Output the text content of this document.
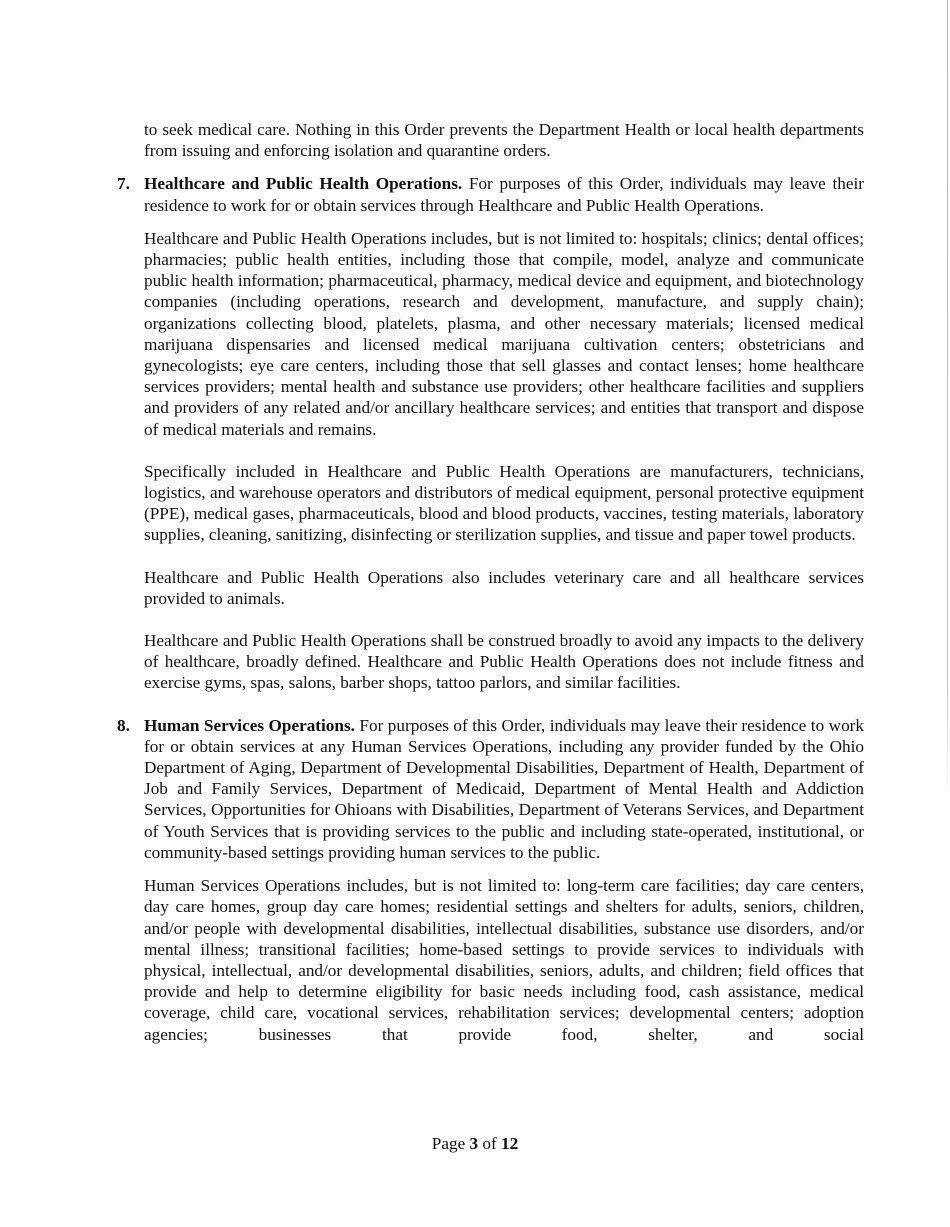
to seek medical care. Nothing in this Order prevents the Department Health or local health departments from issuing and enforcing isolation and quarantine orders.

7. Healthcare and Public Health Operations. For purposes of this Order, individuals may leave their residence to work for or obtain services through Healthcare and Public Health Operations.

Healthcare and Public Health Operations includes, but is not limited to: hospitals; clinics; dental offices; pharmacies; public health entities, including those that compile, model, analyze and communicate public health information; pharmaceutical, pharmacy, medical device and equipment, and biotechnology companies (including operations, research and development, manufacture, and supply chain); organizations collecting blood, platelets, plasma, and other necessary materials; licensed medical marijuana dispensaries and licensed medical marijuana cultivation centers; obstetricians and gynecologists; eye care centers, including those that sell glasses and contact lenses; home healthcare services providers; mental health and substance use providers; other healthcare facilities and suppliers and providers of any related and/or ancillary healthcare services; and entities that transport and dispose of medical materials and remains.

Specifically included in Healthcare and Public Health Operations are manufacturers, technicians, logistics, and warehouse operators and distributors of medical equipment, personal protective equipment (PPE), medical gases, pharmaceuticals, blood and blood products, vaccines, testing materials, laboratory supplies, cleaning, sanitizing, disinfecting or sterilization supplies, and tissue and paper towel products.

Healthcare and Public Health Operations also includes veterinary care and all healthcare services provided to animals.

Healthcare and Public Health Operations shall be construed broadly to avoid any impacts to the delivery of healthcare, broadly defined. Healthcare and Public Health Operations does not include fitness and exercise gyms, spas, salons, barber shops, tattoo parlors, and similar facilities.

8. Human Services Operations. For purposes of this Order, individuals may leave their residence to work for or obtain services at any Human Services Operations, including any provider funded by the Ohio Department of Aging, Department of Developmental Disabilities, Department of Health, Department of Job and Family Services, Department of Medicaid, Department of Mental Health and Addiction Services, Opportunities for Ohioans with Disabilities, Department of Veterans Services, and Department of Youth Services that is providing services to the public and including state-operated, institutional, or community-based settings providing human services to the public.

Human Services Operations includes, but is not limited to: long-term care facilities; day care centers, day care homes, group day care homes; residential settings and shelters for adults, seniors, children, and/or people with developmental disabilities, intellectual disabilities, substance use disorders, and/or mental illness; transitional facilities; home-based settings to provide services to individuals with physical, intellectual, and/or developmental disabilities, seniors, adults, and children; field offices that provide and help to determine eligibility for basic needs including food, cash assistance, medical coverage, child care, vocational services, rehabilitation services; developmental centers; adoption agencies; businesses that provide food, shelter, and social

Page 3 of 12
